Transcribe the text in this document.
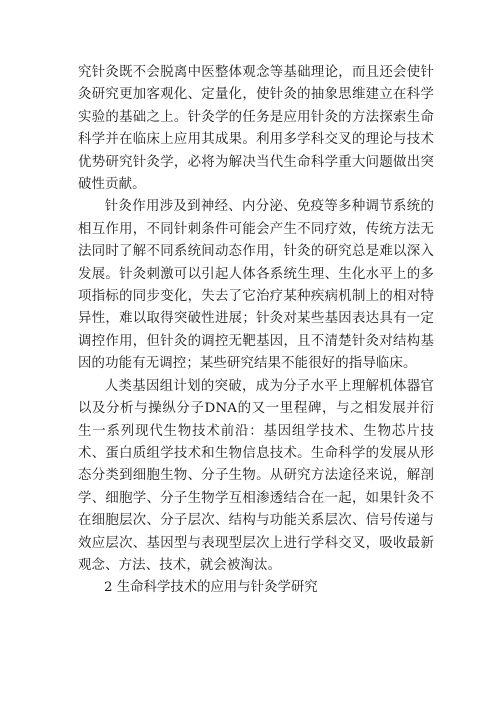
究针灸既不会脱离中医整体观念等基础理论，而且还会使针灸研究更加客观化、定量化，使针灸的抽象思维建立在科学实验的基础之上。针灸学的任务是应用针灸的方法探索生命科学并在临床上应用其成果。利用多学科交叉的理论与技术优势研究针灸学，必将为解决当代生命科学重大问题做出突破性贡献。

针灸作用涉及到神经、内分泌、免疫等多种调节系统的相互作用，不同针刺条件可能会产生不同疗效，传统方法无法同时了解不同系统间动态作用，针灸的研究总是难以深入发展。针灸刺激可以引起人体各系统生理、生化水平上的多项指标的同步变化，失去了它治疗某种疾病机制上的相对特异性，难以取得突破性进展；针灸对某些基因表达具有一定调控作用，但针灸的调控无靶基因，且不清楚针灸对结构基因的功能有无调控；某些研究结果不能很好的指导临床。

人类基因组计划的突破，成为分子水平上理解机体器官以及分析与操纵分子DNA的又一里程碑，与之相发展并衍生一系列现代生物技术前沿：基因组学技术、生物芯片技术、蛋白质组学技术和生物信息技术。生命科学的发展从形态分类到细胞生物、分子生物。从研究方法途径来说，解剖学、细胞学、分子生物学互相渗透结合在一起，如果针灸不在细胞层次、分子层次、结构与功能关系层次、信号传递与效应层次、基因型与表现型层次上进行学科交叉，吸收最新观念、方法、技术，就会被淘汰。

2 生命科学技术的应用与针灸学研究
